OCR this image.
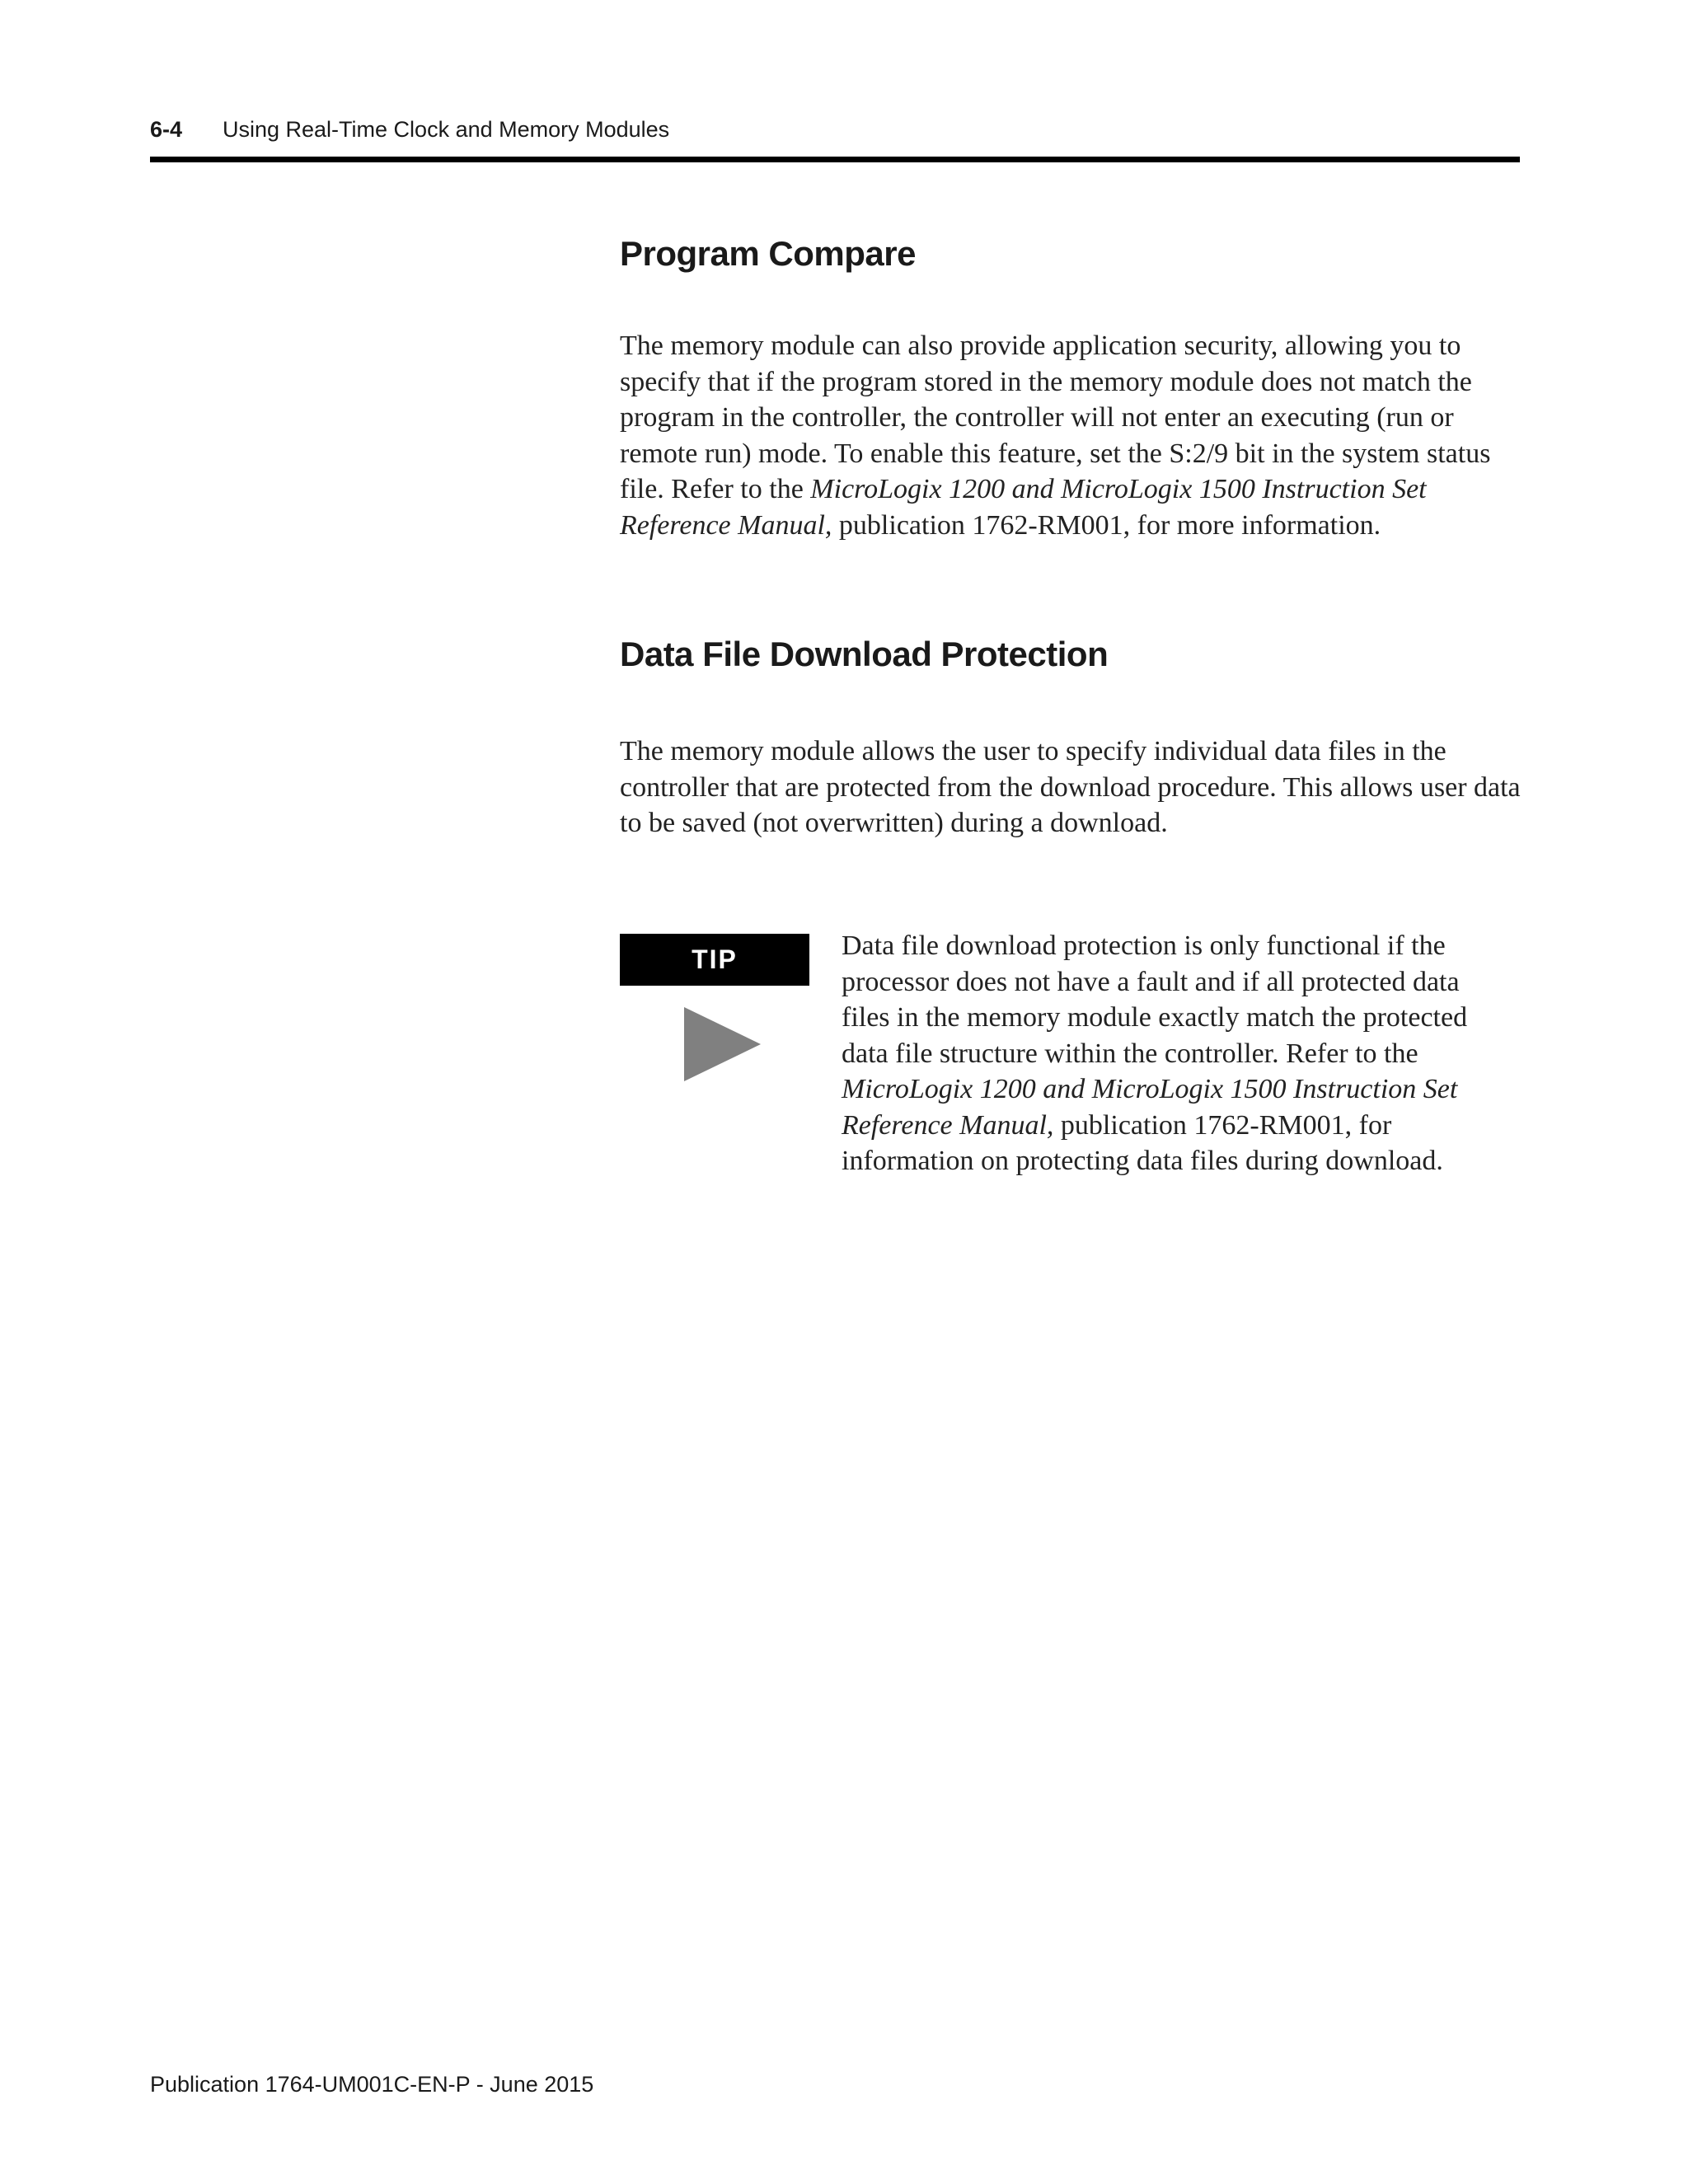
6-4 Using Real-Time Clock and Memory Modules
Program Compare

The memory module can also provide application security, allowing you to specify that if the program stored in the memory module does not match the program in the controller, the controller will not enter an executing (run or remote run) mode. To enable this feature, set the S:2/9 bit in the system status file. Refer to the MicroLogix 1200 and MicroLogix 1500 Instruction Set Reference Manual, publication 1762-RM001, for more information.

Data File Download Protection

The memory module allows the user to specify individual data files in the controller that are protected from the download procedure. This allows user data to be saved (not overwritten) during a download.

TIP	Data file download protection is only functional if the processor does not have a fault and if all protected data files in the memory module exactly match the protected data file structure within the controller. Refer to the MicroLogix 1200 and MicroLogix 1500 Instruction Set Reference Manual, publication 1762-RM001, for information on protecting data files during download.

Publication 1764-UM001C-EN-P - June 2015
